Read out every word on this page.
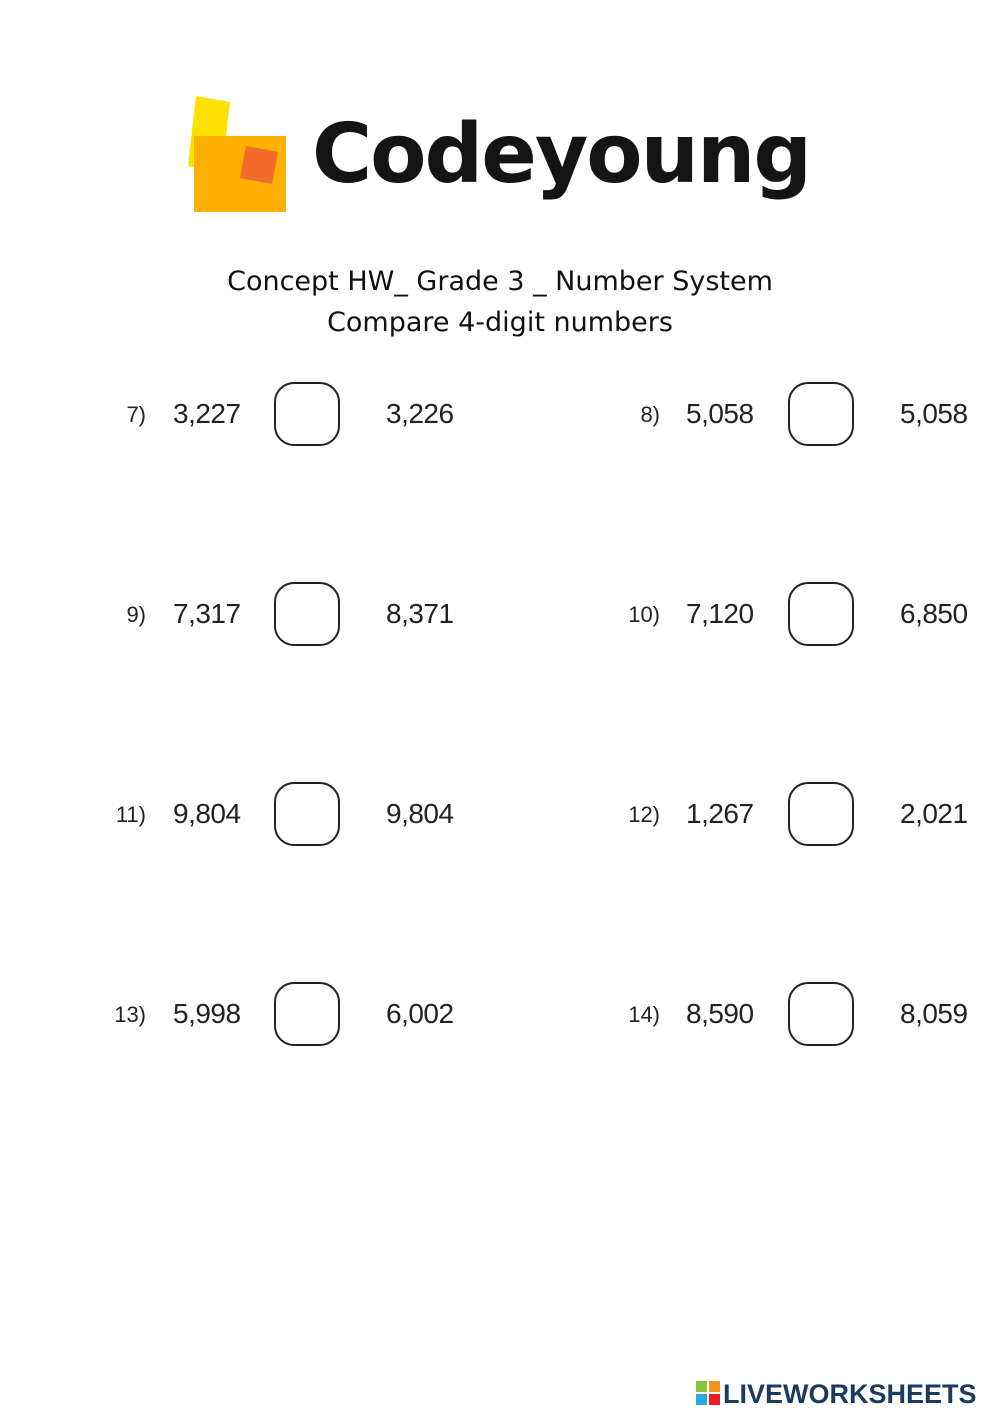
Codeyoung
Concept HW_ Grade 3 _ Number System
Compare 4-digit numbers
7) 3,227	3,226	8) 5,058	5,058
9) 7,317	8,371	10) 7,120	6,850
11) 9,804	9,804	12) 1,267	2,021
13) 5,998	6,002	14) 8,590	8,059
LIVEWORKSHEETS
